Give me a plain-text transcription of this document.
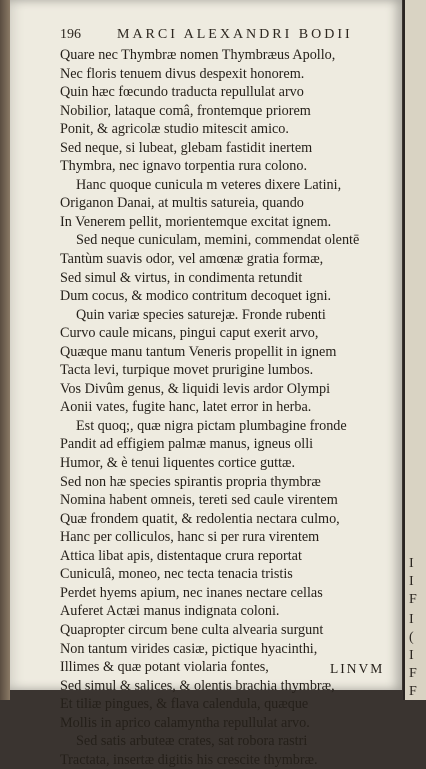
196	MARCI ALEXANDRI BODII
Quare nec Thymbræ nomen Thymbræus Apollo,
Nec floris tenuem divus despexit honorem.
Quin hæc fœcundo traducta repullulat arvo
Nobilior, lataque comâ, frontemque priorem
Ponit, & agricolæ studio mitescit amico.
Sed neque, si lubeat, glebam fastidit inertem
Thymbra, nec ignavo torpentia rura colono.
Hanc quoque cunicula m veteres dixere Latini,
Origanon Danai, at multis satureia, quando
In Venerem pellit, morientemque excitat ignem.
Sed neque cuniculam, memini, commendat olentē
Tantùm suavis odor, vel amœnæ gratia formæ,
Sed simul & virtus, in condimenta retundit
Dum cocus, & modico contritum decoquet igni.
Quin variæ species saturejæ. Fronde rubenti
Curvo caule micans, pingui caput exerit arvo,
Quæque manu tantum Veneris propellit in ignem
Tacta levi, turpique movet prurigine lumbos.
Vos Divûm genus, & liquidi levis ardor Olympi
Aonii vates, fugite hanc, latet error in herba.
Est quoq;, quæ nigra pictam plumbagine fronde
Pandit ad effigiem palmæ manus, igneus olli
Humor, & è tenui liquentes cortice guttæ.
Sed non hæ species spirantis propria thymbræ
Nomina habent omneis, tereti sed caule virentem
Quæ frondem quatit, & redolentia nectara culmo,
Hanc per colliculos, hanc si per rura virentem
Attica libat apis, distentaque crura reportat
Cuniculâ, moneo, nec tecta tenacia tristis
Perdet hyems apium, nec inanes nectare cellas
Auferet Actæi manus indignata coloni.
Quapropter circum bene culta alvearia surgunt
Non tantum virides casiæ, pictique hyacinthi,
Illimes & quæ potant violaria fontes,
Sed simul & salices, & olentis brachia thymbræ,
Et tiliæ pingues, & flava calendula, quæque
Mollis in aprico calamyntha repullulat arvo.
Sed satis arbuteæ crates, sat robora rastri
Tractata, insertæ digitis his crescite thymbræ.
LINVM
I
I
F
I
(
I
F
F
